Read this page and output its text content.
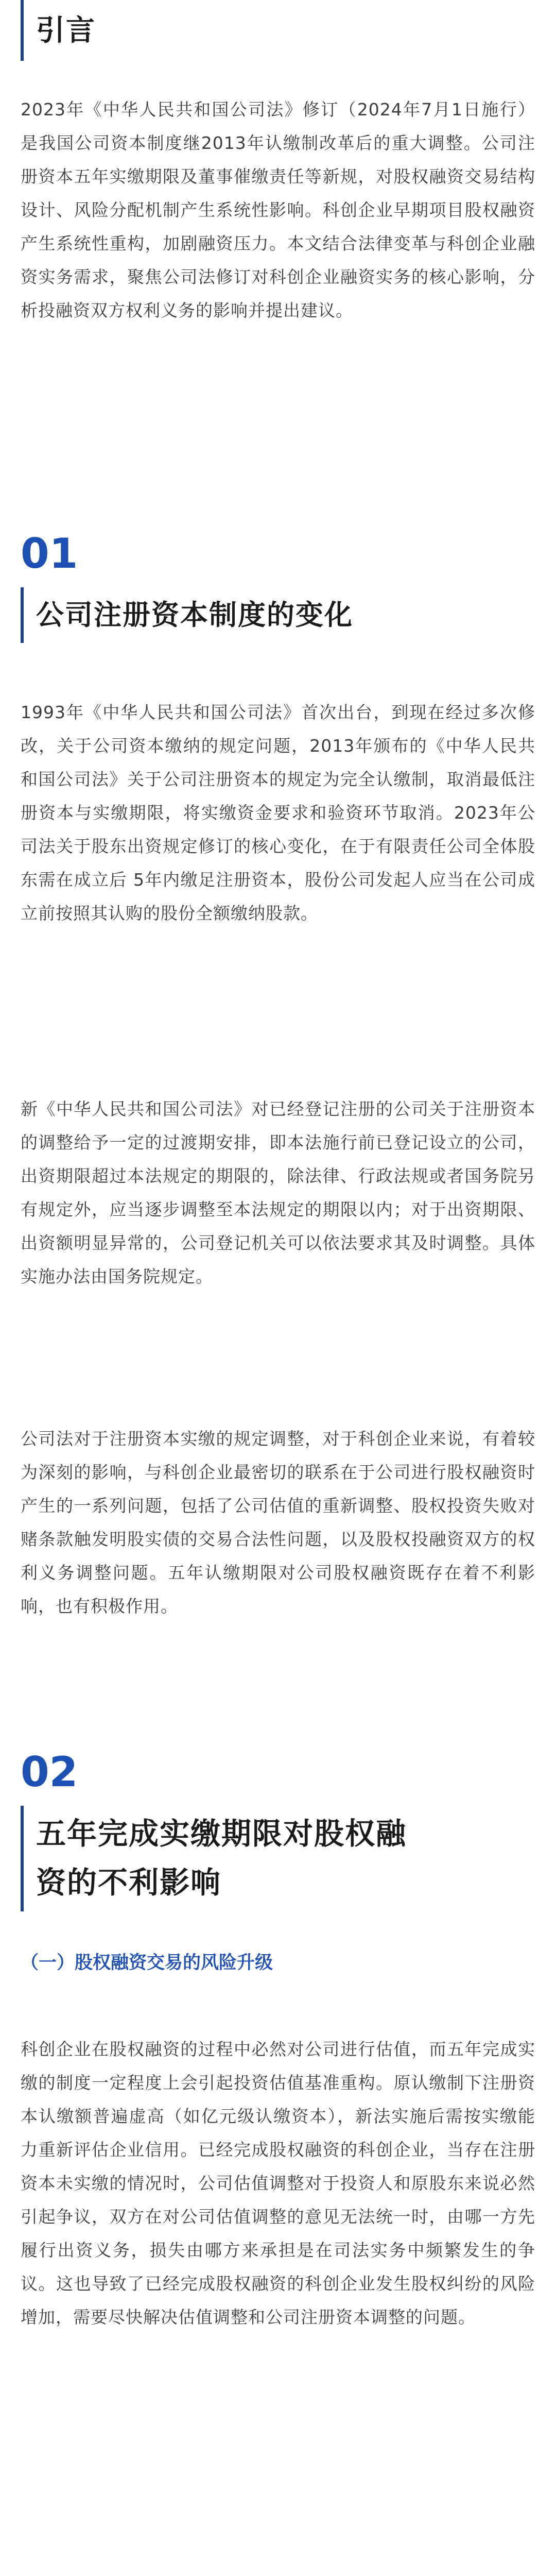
引言

2023年《中华人民共和国公司法》修订（2024年7月1日施行）是我国公司资本制度继2013年认缴制改革后的重大调整。公司注册资本五年实缴期限及董事催缴责任等新规，对股权融资交易结构设计、风险分配机制产生系统性影响。科创企业早期项目股权融资产生系统性重构，加剧融资压力。本文结合法律变革与科创企业融资实务需求，聚焦公司法修订对科创企业融资实务的核心影响，分析投融资双方权利义务的影响并提出建议。

01
公司注册资本制度的变化

1993年《中华人民共和国公司法》首次出台，到现在经过多次修改，关于公司资本缴纳的规定问题，2013年颁布的《中华人民共和国公司法》关于公司注册资本的规定为完全认缴制，取消最低注册资本与实缴期限，将实缴资金要求和验资环节取消。2023年公司法关于股东出资规定修订的核心变化，在于有限责任公司全体股东需在成立后 5年内缴足注册资本，股份公司发起人应当在公司成立前按照其认购的股份全额缴纳股款。

新《中华人民共和国公司法》对已经登记注册的公司关于注册资本的调整给予一定的过渡期安排，即本法施行前已登记设立的公司，出资期限超过本法规定的期限的，除法律、行政法规或者国务院另有规定外，应当逐步调整至本法规定的期限以内；对于出资期限、出资额明显异常的，公司登记机关可以依法要求其及时调整。具体实施办法由国务院规定。

公司法对于注册资本实缴的规定调整，对于科创企业来说，有着较为深刻的影响，与科创企业最密切的联系在于公司进行股权融资时产生的一系列问题，包括了公司估值的重新调整、股权投资失败对赌条款触发明股实债的交易合法性问题，以及股权投融资双方的权利义务调整问题。五年认缴期限对公司股权融资既存在着不利影响，也有积极作用。

02
五年完成实缴期限对股权融
资的不利影响
（一）股权融资交易的风险升级

科创企业在股权融资的过程中必然对公司进行估值，而五年完成实缴的制度一定程度上会引起投资估值基准重构。原认缴制下注册资本认缴额普遍虚高（如亿元级认缴资本），新法实施后需按实缴能力重新评估企业信用。已经完成股权融资的科创企业，当存在注册资本未实缴的情况时，公司估值调整对于投资人和原股东来说必然引起争议，双方在对公司估值调整的意见无法统一时，由哪一方先履行出资义务，损失由哪方来承担是在司法实务中频繁发生的争议。这也导致了已经完成股权融资的科创企业发生股权纠纷的风险增加，需要尽快解决估值调整和公司注册资本调整的问题。
